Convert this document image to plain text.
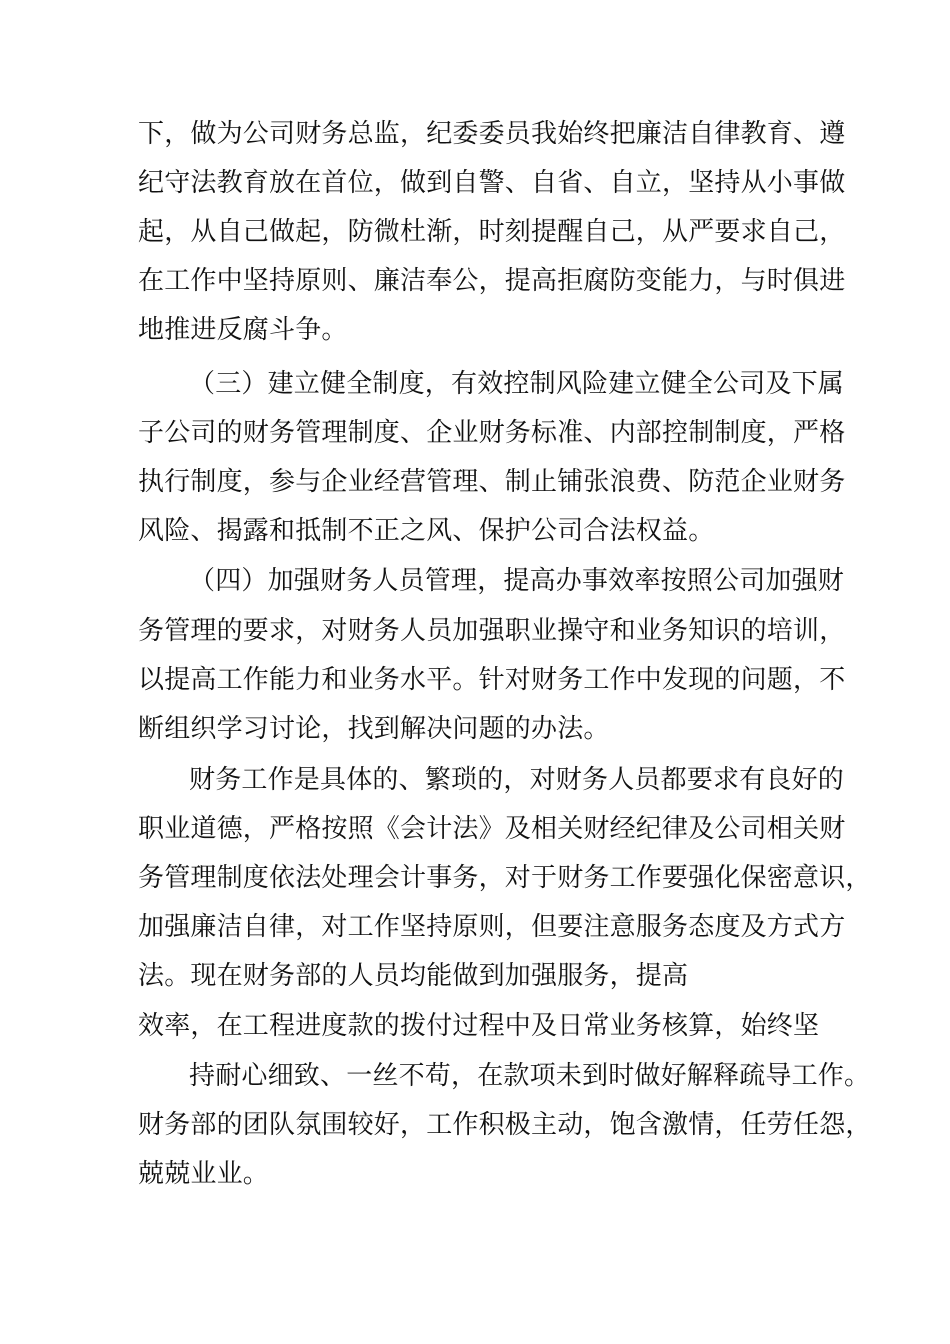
下，做为公司财务总监，纪委委员我始终把廉洁自律教育、遵
纪守法教育放在首位，做到自警、自省、自立，坚持从小事做
起，从自己做起，防微杜渐，时刻提醒自己，从严要求自己，
在工作中坚持原则、廉洁奉公，提高拒腐防变能力，与时俱进
地推进反腐斗争。
（三）建立健全制度，有效控制风险建立健全公司及下属
子公司的财务管理制度、企业财务标准、内部控制制度，严格
执行制度，参与企业经营管理、制止铺张浪费、防范企业财务
风险、揭露和抵制不正之风、保护公司合法权益。
（四）加强财务人员管理，提高办事效率按照公司加强财
务管理的要求，对财务人员加强职业操守和业务知识的培训，
以提高工作能力和业务水平。针对财务工作中发现的问题，不
断组织学习讨论，找到解决问题的办法。
财务工作是具体的、繁琐的，对财务人员都要求有良好的
职业道德，严格按照《会计法》及相关财经纪律及公司相关财
务管理制度依法处理会计事务，对于财务工作要强化保密意识，
加强廉洁自律，对工作坚持原则，但要注意服务态度及方式方
法。现在财务部的人员均能做到加强服务，提高
效率，在工程进度款的拨付过程中及日常业务核算，始终坚
持耐心细致、一丝不苟，在款项未到时做好解释疏导工作。
财务部的团队氛围较好，工作积极主动，饱含激情，任劳任怨，
兢兢业业。
